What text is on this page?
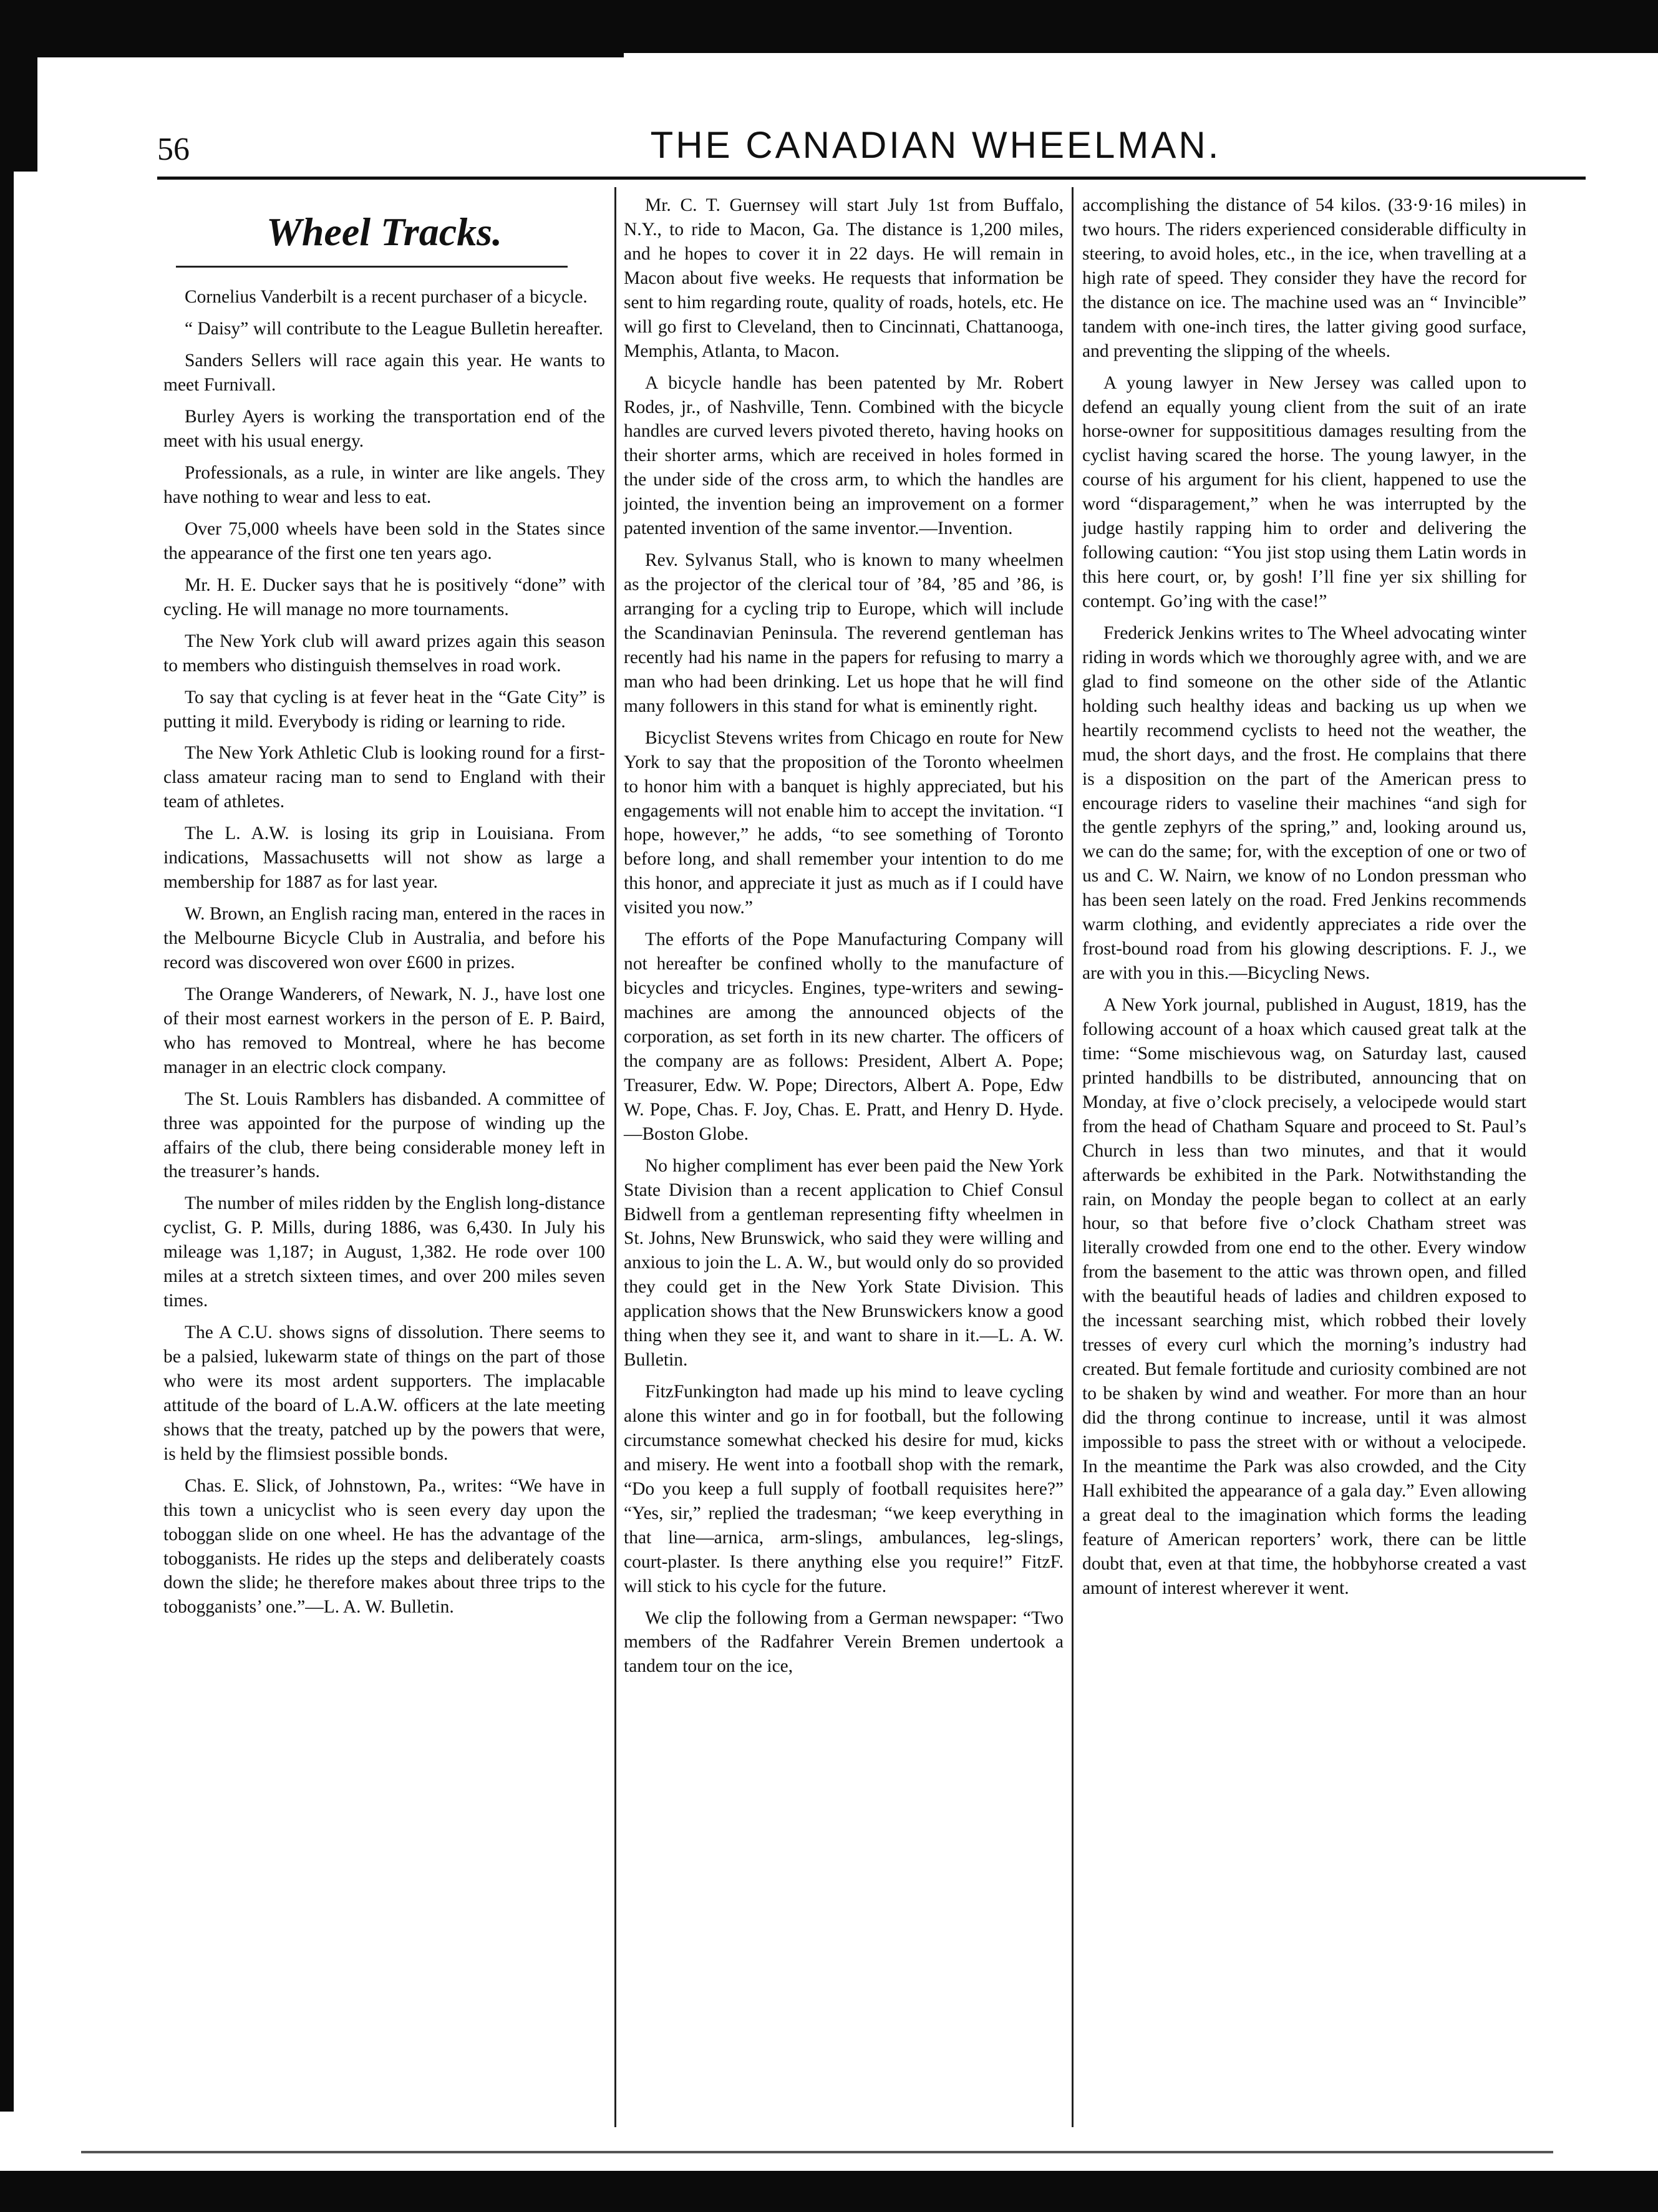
56	THE CANADIAN WHEELMAN.
Wheel Tracks.

Cornelius Vanderbilt is a recent purchaser of a bicycle.

“ Daisy” will contribute to the League Bulletin hereafter.

Sanders Sellers will race again this year. He wants to meet Furnivall.

Burley Ayers is working the transportation end of the meet with his usual energy.

Professionals, as a rule, in winter are like angels. They have nothing to wear and less to eat.

Over 75,000 wheels have been sold in the States since the appearance of the first one ten years ago.

Mr. H. E. Ducker says that he is positively “done” with cycling. He will manage no more tournaments.

The New York club will award prizes again this season to members who distinguish themselves in road work.

To say that cycling is at fever heat in the “Gate City” is putting it mild. Everybody is riding or learning to ride.

The New York Athletic Club is looking round for a first-class amateur racing man to send to England with their team of athletes.

The L. A.W. is losing its grip in Louisiana. From indications, Massachusetts will not show as large a membership for 1887 as for last year.

W. Brown, an English racing man, entered in the races in the Melbourne Bicycle Club in Australia, and before his record was discovered won over £600 in prizes.

The Orange Wanderers, of Newark, N. J., have lost one of their most earnest workers in the person of E. P. Baird, who has removed to Montreal, where he has become manager in an electric clock company.

The St. Louis Ramblers has disbanded. A committee of three was appointed for the purpose of winding up the affairs of the club, there being considerable money left in the treasurer’s hands.

The number of miles ridden by the English long-distance cyclist, G. P. Mills, during 1886, was 6,430. In July his mileage was 1,187; in August, 1,382. He rode over 100 miles at a stretch sixteen times, and over 200 miles seven times.

The A C.U. shows signs of dissolution. There seems to be a palsied, lukewarm state of things on the part of those who were its most ardent supporters. The implacable attitude of the board of L.A.W. officers at the late meeting shows that the treaty, patched up by the powers that were, is held by the flimsiest possible bonds.

Chas. E. Slick, of Johnstown, Pa., writes: “We have in this town a unicyclist who is seen every day upon the toboggan slide on one wheel. He has the advantage of the tobogganists. He rides up the steps and deliberately coasts down the slide; he therefore makes about three trips to the tobogganists’ one.”—L. A. W. Bulletin.

Mr. C. T. Guernsey will start July 1st from Buffalo, N.Y., to ride to Macon, Ga. The distance is 1,200 miles, and he hopes to cover it in 22 days. He will remain in Macon about five weeks. He requests that information be sent to him regarding route, quality of roads, hotels, etc. He will go first to Cleveland, then to Cincinnati, Chattanooga, Memphis, Atlanta, to Macon.

A bicycle handle has been patented by Mr. Robert Rodes, jr., of Nashville, Tenn. Combined with the bicycle handles are curved levers pivoted thereto, having hooks on their shorter arms, which are received in holes formed in the under side of the cross arm, to which the handles are jointed, the invention being an improvement on a former patented invention of the same inventor.—Invention.

Rev. Sylvanus Stall, who is known to many wheelmen as the projector of the clerical tour of ’84, ’85 and ’86, is arranging for a cycling trip to Europe, which will include the Scandinavian Peninsula. The reverend gentleman has recently had his name in the papers for refusing to marry a man who had been drinking. Let us hope that he will find many followers in this stand for what is eminently right.

Bicyclist Stevens writes from Chicago en route for New York to say that the proposition of the Toronto wheelmen to honor him with a banquet is highly appreciated, but his engagements will not enable him to accept the invitation. “I hope, however,” he adds, “to see something of Toronto before long, and shall remember your intention to do me this honor, and appreciate it just as much as if I could have visited you now.”

The efforts of the Pope Manufacturing Company will not hereafter be confined wholly to the manufacture of bicycles and tricycles. Engines, type-writers and sewing-machines are among the announced objects of the corporation, as set forth in its new charter. The officers of the company are as follows: President, Albert A. Pope; Treasurer, Edw. W. Pope; Directors, Albert A. Pope, Edw W. Pope, Chas. F. Joy, Chas. E. Pratt, and Henry D. Hyde.—Boston Globe.

No higher compliment has ever been paid the New York State Division than a recent application to Chief Consul Bidwell from a gentleman representing fifty wheelmen in St. Johns, New Brunswick, who said they were willing and anxious to join the L. A. W., but would only do so provided they could get in the New York State Division. This application shows that the New Brunswickers know a good thing when they see it, and want to share in it.—L. A. W. Bulletin.

FitzFunkington had made up his mind to leave cycling alone this winter and go in for football, but the following circumstance somewhat checked his desire for mud, kicks and misery. He went into a football shop with the remark, “Do you keep a full supply of football requisites here?” “Yes, sir,” replied the tradesman; “we keep everything in that line—arnica, arm-slings, ambulances, leg-slings, court-plaster. Is there anything else you require!” FitzF. will stick to his cycle for the future.

We clip the following from a German newspaper: “Two members of the Radfahrer Verein Bremen undertook a tandem tour on the ice,

accomplishing the distance of 54 kilos. (33·9·16 miles) in two hours. The riders experienced considerable difficulty in steering, to avoid holes, etc., in the ice, when travelling at a high rate of speed. They consider they have the record for the distance on ice. The machine used was an “ Invincible” tandem with one-inch tires, the latter giving good surface, and preventing the slipping of the wheels.

A young lawyer in New Jersey was called upon to defend an equally young client from the suit of an irate horse-owner for supposititious damages resulting from the cyclist having scared the horse. The young lawyer, in the course of his argument for his client, happened to use the word “disparagement,” when he was interrupted by the judge hastily rapping him to order and delivering the following caution: “You jist stop using them Latin words in this here court, or, by gosh! I’ll fine yer six shilling for contempt. Go’ing with the case!”

Frederick Jenkins writes to The Wheel advocating winter riding in words which we thoroughly agree with, and we are glad to find someone on the other side of the Atlantic holding such healthy ideas and backing us up when we heartily recommend cyclists to heed not the weather, the mud, the short days, and the frost. He complains that there is a disposition on the part of the American press to encourage riders to vaseline their machines “and sigh for the gentle zephyrs of the spring,” and, looking around us, we can do the same; for, with the exception of one or two of us and C. W. Nairn, we know of no London pressman who has been seen lately on the road. Fred Jenkins recommends warm clothing, and evidently appreciates a ride over the frost-bound road from his glowing descriptions. F. J., we are with you in this.—Bicycling News.

A New York journal, published in August, 1819, has the following account of a hoax which caused great talk at the time: “Some mischievous wag, on Saturday last, caused printed handbills to be distributed, announcing that on Monday, at five o’clock precisely, a velocipede would start from the head of Chatham Square and proceed to St. Paul’s Church in less than two minutes, and that it would afterwards be exhibited in the Park. Notwithstanding the rain, on Monday the people began to collect at an early hour, so that before five o’clock Chatham street was literally crowded from one end to the other. Every window from the basement to the attic was thrown open, and filled with the beautiful heads of ladies and children exposed to the incessant searching mist, which robbed their lovely tresses of every curl which the morning’s industry had created. But female fortitude and curiosity combined are not to be shaken by wind and weather. For more than an hour did the throng continue to increase, until it was almost impossible to pass the street with or without a velocipede. In the meantime the Park was also crowded, and the City Hall exhibited the appearance of a gala day.” Even allowing a great deal to the imagination which forms the leading feature of American reporters’ work, there can be little doubt that, even at that time, the hobbyhorse created a vast amount of interest wherever it went.
